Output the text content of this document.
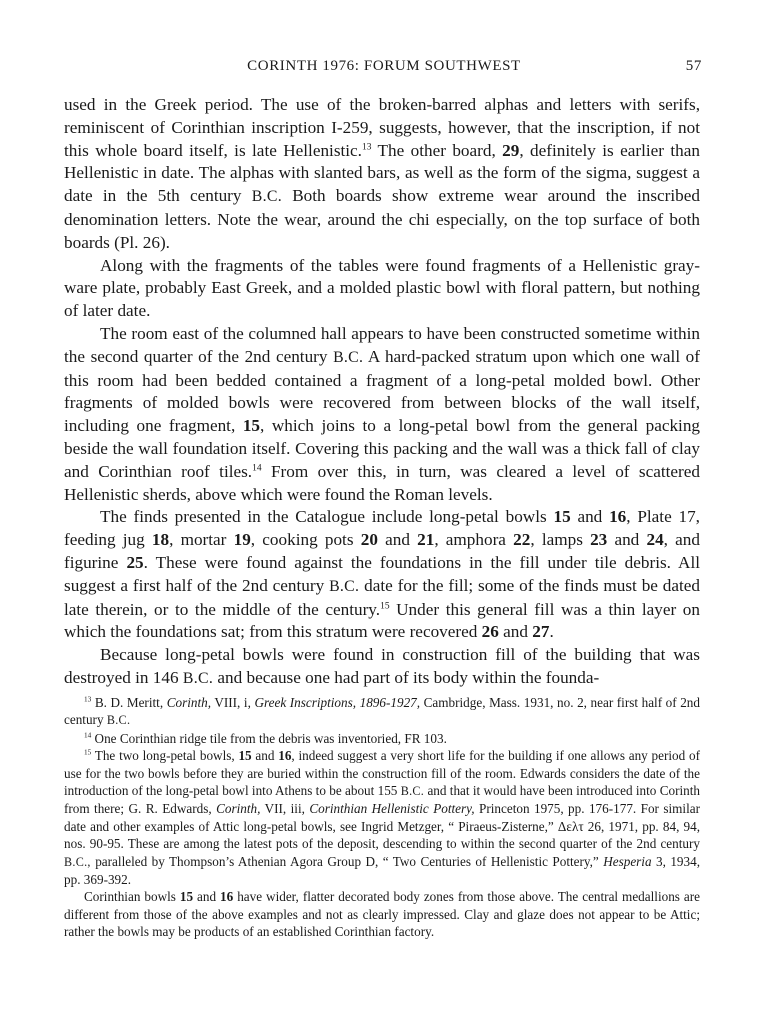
CORINTH 1976: FORUM SOUTHWEST	57

used in the Greek period. The use of the broken-barred alphas and letters with serifs, reminiscent of Corinthian inscription I-259, suggests, however, that the inscription, if not this whole board itself, is late Hellenistic.$^{13}$ The other board, 29, definitely is earlier than Hellenistic in date. The alphas with slanted bars, as well as the form of the sigma, suggest a date in the 5th century B.C. Both boards show extreme wear around the inscribed denomination letters. Note the wear, around the chi especially, on the top surface of both boards (Pl. 26).

Along with the fragments of the tables were found fragments of a Hellenistic gray-ware plate, probably East Greek, and a molded plastic bowl with floral pattern, but nothing of later date.

The room east of the columned hall appears to have been constructed sometime within the second quarter of the 2nd century B.C. A hard-packed stratum upon which one wall of this room had been bedded contained a fragment of a long-petal molded bowl. Other fragments of molded bowls were recovered from between blocks of the wall itself, including one fragment, 15, which joins to a long-petal bowl from the general packing beside the wall foundation itself. Covering this packing and the wall was a thick fall of clay and Corinthian roof tiles.$^{14}$ From over this, in turn, was cleared a level of scattered Hellenistic sherds, above which were found the Roman levels.

The finds presented in the Catalogue include long-petal bowls 15 and 16, Plate 17, feeding jug 18, mortar 19, cooking pots 20 and 21, amphora 22, lamps 23 and 24, and figurine 25. These were found against the foundations in the fill under tile debris. All suggest a first half of the 2nd century B.C. date for the fill; some of the finds must be dated late therein, or to the middle of the century.$^{15}$ Under this general fill was a thin layer on which the foundations sat; from this stratum were recovered 26 and 27.

Because long-petal bowls were found in construction fill of the building that was destroyed in 146 B.C. and because one had part of its body within the founda-

$^{13}$ B. D. Meritt, Corinth, VIII, i, Greek Inscriptions, 1896-1927, Cambridge, Mass. 1931, no. 2, near first half of 2nd century B.C.

$^{14}$ One Corinthian ridge tile from the debris was inventoried, FR 103.

$^{15}$ The two long-petal bowls, 15 and 16, indeed suggest a very short life for the building if one allows any period of use for the two bowls before they are buried within the construction fill of the room. Edwards considers the date of the introduction of the long-petal bowl into Athens to be about 155 B.C. and that it would have been introduced into Corinth from there; G. R. Edwards, Corinth, VII, iii, Corinthian Hellenistic Pottery, Princeton 1975, pp. 176-177. For similar date and other examples of Attic long-petal bowls, see Ingrid Metzger, “ Piraeus-Zisterne,” Δελτ 26, 1971, pp. 84, 94, nos. 90-95. These are among the latest pots of the deposit, descending to within the second quarter of the 2nd century B.C., paralleled by Thompson’s Athenian Agora Group D, “ Two Centuries of Hellenistic Pottery,” Hesperia 3, 1934, pp. 369-392.

Corinthian bowls 15 and 16 have wider, flatter decorated body zones from those above. The central medallions are different from those of the above examples and not as clearly impressed. Clay and glaze does not appear to be Attic; rather the bowls may be products of an established Corinthian factory.
